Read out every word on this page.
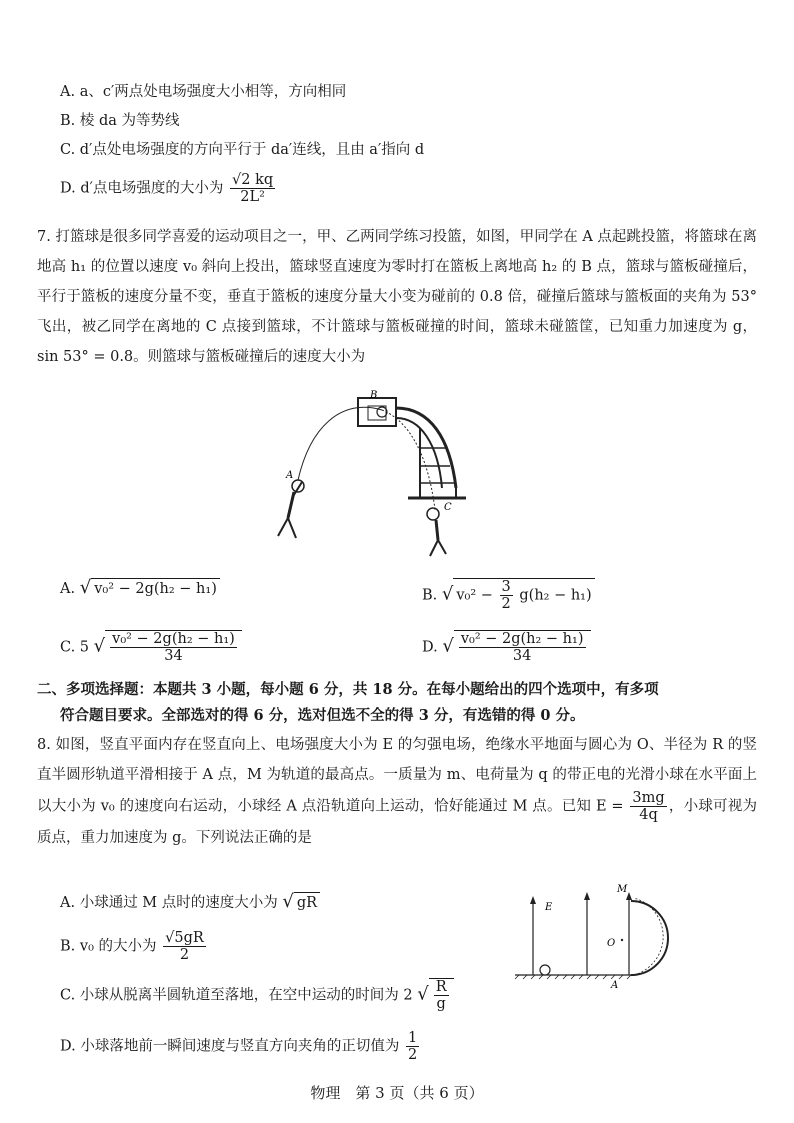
A. a、c′两点处电场强度大小相等，方向相同
B. 棱 da 为等势线
C. d′点处电场强度的方向平行于 da′连线，且由 a′指向 d
D. d′点电场强度的大小为 $\frac{√2 kq}{\text{2L²}}$
7. 打篮球是很多同学喜爱的运动项目之一，甲、乙两同学练习投篮，如图，甲同学在 A 点起跳投篮，将篮球在离地高 h₁ 的位置以速度 v₀ 斜向上投出，篮球竖直速度为零时打在篮板上离地高 h₂ 的 B 点，篮球与篮板碰撞后，平行于篮板的速度分量不变，垂直于篮板的速度分量大小变为碰前的 0.8 倍，碰撞后篮球与篮板面的夹角为 53°飞出，被乙同学在离地的 C 点接到篮球，不计篮球与篮板碰撞的时间，篮球未碰篮筐，已知重力加速度为 g，sin 53° = 0.8。则篮球与篮板碰撞后的速度大小为
B
A
C
A. √ v₀² − 2g(h₂ − h₁)	B. √ $v_0^2 - \frac{3}{2} g(h_2 - h_1)$
C. 5 √ $\frac{\text{v₀² − 2g(h₂ − h₁)}}{34}$	D. √ $\frac{\text{v₀² − 2g(h₂ − h₁)}}{34}$
二、多项选择题：本题共 3 小题，每小题 6 分，共 18 分。在每小题给出的四个选项中，有多项
符合题目要求。全部选对的得 6 分，选对但选不全的得 3 分，有选错的得 0 分。
8. 如图，竖直平面内存在竖直向上、电场强度大小为 E 的匀强电场，绝缘水平地面与圆心为 O、半径为 R 的竖直半圆形轨道平滑相接于 A 点，M 为轨道的最高点。一质量为 m、电荷量为 q 的带正电的光滑小球在水平面上以大小为 v₀ 的速度向右运动，小球经 A 点沿轨道向上运动，恰好能通过 M 点。已知 $E = \frac{3mg}{4q}$ ，小球可视为质点，重力加速度为 g。下列说法正确的是
A. 小球通过 M 点时的速度大小为 √ gR
B. v₀ 的大小为 $\frac{√5gR}{2}$
C. 小球从脱离半圆轨道至落地，在空中运动的时间为 2 √ $\frac{R}{g}$
D. 小球落地前一瞬间速度与竖直方向夹角的正切值为 $\frac{1}{2}$
E
M
O
A
物理　第 3 页（共 6 页）
